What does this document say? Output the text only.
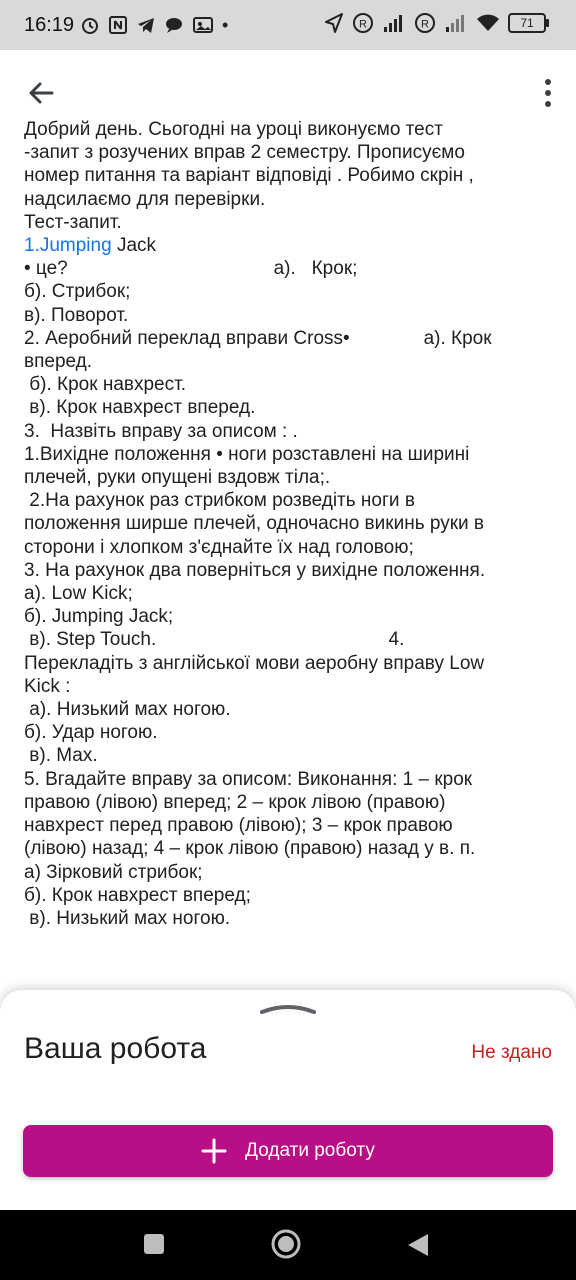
16:19	•	R	R	71
Добрий день. Сьогодні на уроці виконуємо тест
-запит з розучених вправ 2 семестру. Прописуємо
номер питання та варіант відповіді . Робимо скрін ,
надсилаємо для перевірки.
Тест-запит.
1.Jumping Jack
• це?                                       а).   Крок;
б). Стрибок;
в). Поворот.
2. Аеробний переклад вправи Cross•              а). Крок
вперед.
б). Крок навхрест.
в). Крок навхрест вперед.
3.  Назвіть вправу за описом : .
1.Вихідне положення • ноги розставлені на ширині
плечей, руки опущені вздовж тіла;.
2.На рахунок раз стрибком розведіть ноги в
положення ширше плечей, одночасно викинь руки в
сторони і хлопком з'єднайте їх над головою;
3. На рахунок два поверніться у вихідне положення.
а). Low Kick;
б). Jumping Jack;
в). Step Touch.                                            4.
Перекладіть з англійської мови аеробну вправу Low
Kick :
а). Низький мах ногою.
б). Удар ногою.
в). Мах.
5. Вгадайте вправу за описом: Виконання: 1 – крок
правою (лівою) вперед; 2 – крок лівою (правою)
навхрест перед правою (лівою); 3 – крок правою
(лівою) назад; 4 – крок лівою (правою) назад у в. п.
а) Зірковий стрибок;
б). Крок навхрест вперед;
в). Низький мах ногою.
Ваша робота	Не здано
Додати роботу
